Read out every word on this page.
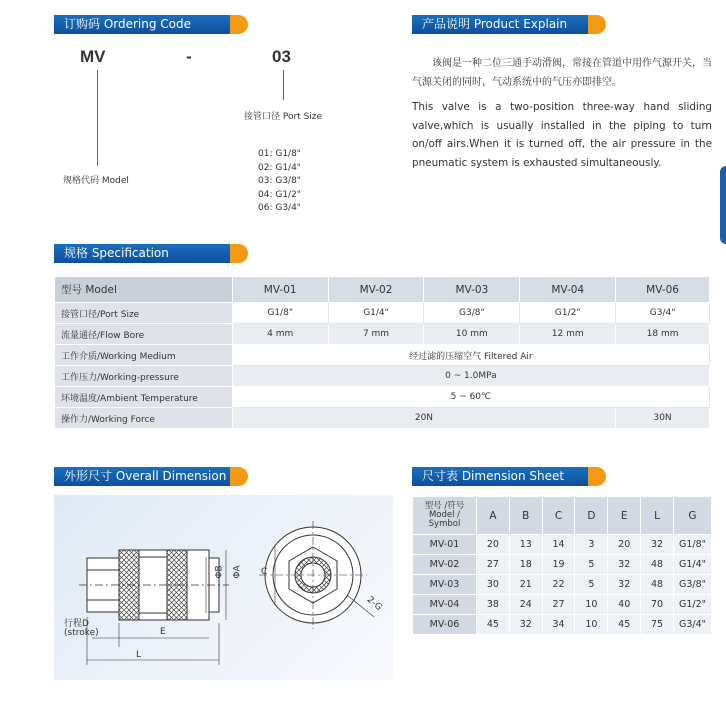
订购码 Ordering Code
MV	-	03
接管口径 Port Size
01: G1/8"
02: G1/4"
03: G3/8"
04: G1/2"
06: G3/4"
规格代码 Model
产品说明 Product Explain
该阀是一种二位三通手动滑阀，常接在管道中用作气源开关，当气源关闭的同时，气动系统中的气压亦即排空。
This valve is a two-position three-way hand sliding valve,which is usually installed in the piping to turn on/off airs.When it is turned off, the air pressure in the pneumatic system is exhausted simultaneously.
规格 Specification
型号 Model	MV-01	MV-02	MV-03	MV-04	MV-06
接管口径/Port Size	G1/8"	G1/4"	G3/8"	G1/2"	G3/4"
流量通径/Flow Bore	4 mm	7 mm	10 mm	12 mm	18 mm
工作介质/Working Medium	经过滤的压缩空气 Filtered Air				
工作压力/Working-pressure	0 ~ 1.0MPa				
环境温度/Ambient Temperature	5 ~ 60℃				
操作力/Working Force	20N				30N
外形尺寸 Overall Dimension
ΦB ΦA C
2-G
行程D
(stroke)	E
L
尺寸表 Dimension Sheet
型号 /符号
Model /
Symbol	A	B	C	D	E	L	G
MV-01	20	13	14	3	20	32	G1/8"
MV-02	27	18	19	5	32	48	G1/4"
MV-03	30	21	22	5	32	48	G3/8"
MV-04	38	24	27	10	40	70	G1/2"
MV-06	45	32	34	10	45	75	G3/4"
